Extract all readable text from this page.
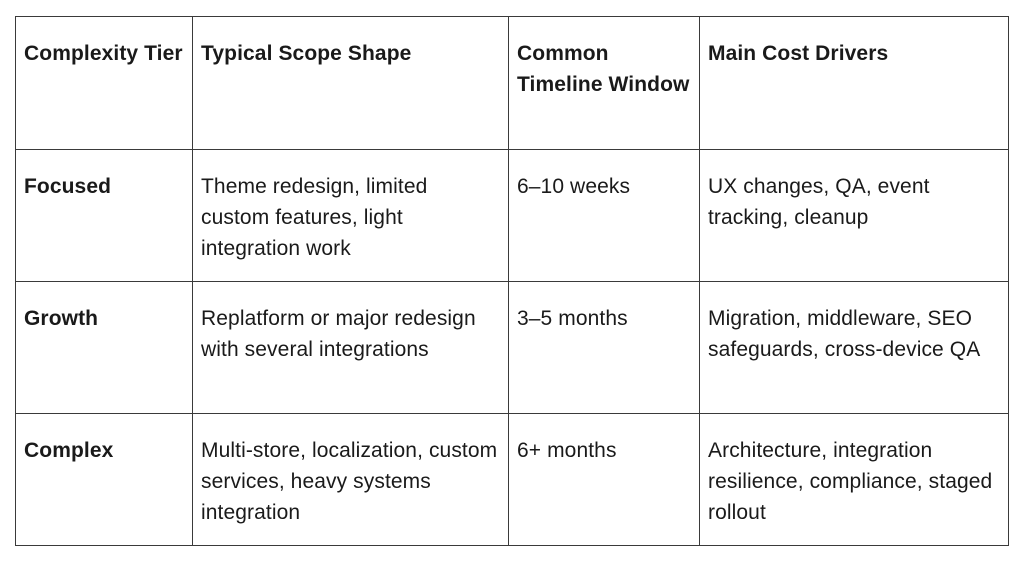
Complexity Tier	Typical Scope Shape	Common Timeline Window	Main Cost Drivers
Focused	Theme redesign, limited custom features, light integration work	6–10 weeks	UX changes, QA, event tracking, cleanup
Growth	Replatform or major redesign with several integrations	3–5 months	Migration, middleware, SEO safeguards, cross-device QA
Complex	Multi-store, localization, custom services, heavy systems integration	6+ months	Architecture, integration resilience, compliance, staged rollout
